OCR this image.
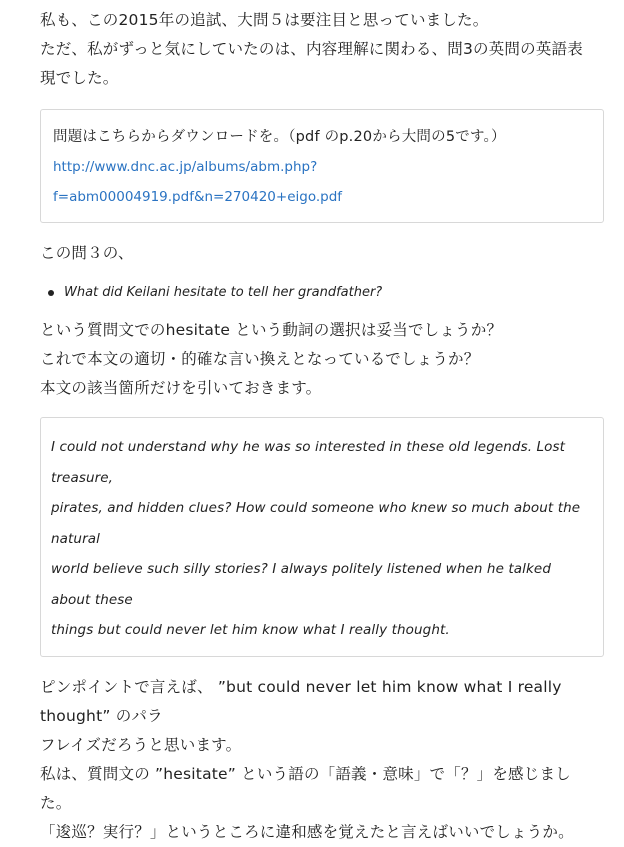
私も、この2015年の追試、大問５は要注目と思っていました。
ただ、私がずっと気にしていたのは、内容理解に関わる、問3の英問の英語表
現でした。
問題はこちらからダウンロードを。（pdf のp.20から大問の5です。）
http://www.dnc.ac.jp/albums/abm.php?f=abm00004919.pdf&n=270420+eigo.pdf
この問３の、
What did Keilani hesitate to tell her grandfather?
という質問文でのhesitate という動詞の選択は妥当でしょうか？
これで本文の適切・的確な言い換えとなっているでしょうか？
本文の該当箇所だけを引いておきます。

I could not understand why he was so interested in these old legends. Lost treasure,

pirates, and hidden clues? How could someone who knew so much about the natural

world believe such silly stories? I always politely listened when he talked about these

things but could never let him know what I really thought.

ピンポイントで言えば、 ”but could never let him know what I really thought” のパラ
フレイズだろうと思います。
私は、質問文の ”hesitate” という語の「語義・意味」で「？」を感じました。
「逡巡？実行？」というところに違和感を覚えたと言えばいいでしょうか。
